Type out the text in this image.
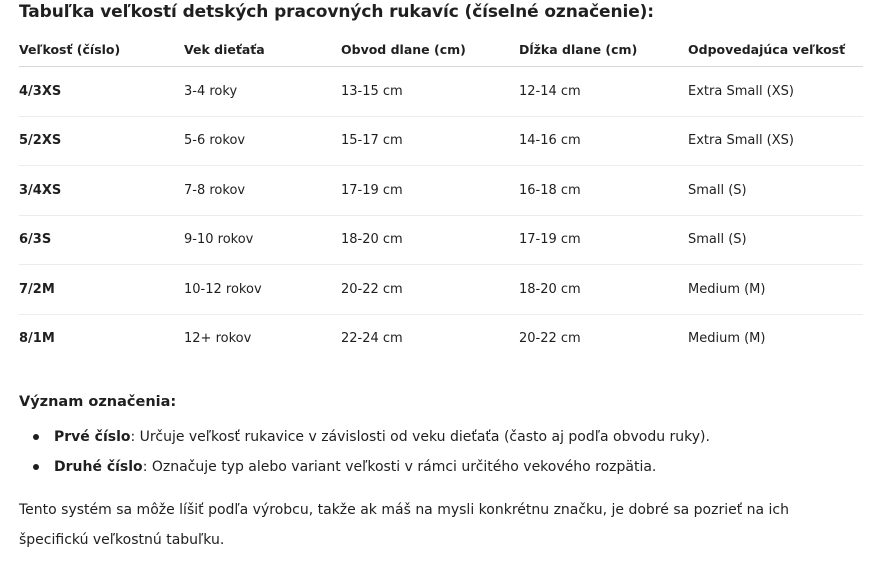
Tabuľka veľkostí detských pracovných rukavíc (číselné označenie):
Veľkosť (číslo)	Vek dieťaťa	Obvod dlane (cm)	Dĺžka dlane (cm)	Odpovedajúca veľkosť
4/3XS	3-4 roky	13-15 cm	12-14 cm	Extra Small (XS)
5/2XS	5-6 rokov	15-17 cm	14-16 cm	Extra Small (XS)
3/4XS	7-8 rokov	17-19 cm	16-18 cm	Small (S)
6/3S	9-10 rokov	18-20 cm	17-19 cm	Small (S)
7/2M	10-12 rokov	20-22 cm	18-20 cm	Medium (M)
8/1M	12+ rokov	22-24 cm	20-22 cm	Medium (M)
Význam označenia:
Prvé číslo: Určuje veľkosť rukavice v závislosti od veku dieťaťa (často aj podľa obvodu ruky).
Druhé číslo: Označuje typ alebo variant veľkosti v rámci určitého vekového rozpätia.
Tento systém sa môže líšiť podľa výrobcu, takže ak máš na mysli konkrétnu značku, je dobré sa pozrieť na ich špecifickú veľkostnú tabuľku.
